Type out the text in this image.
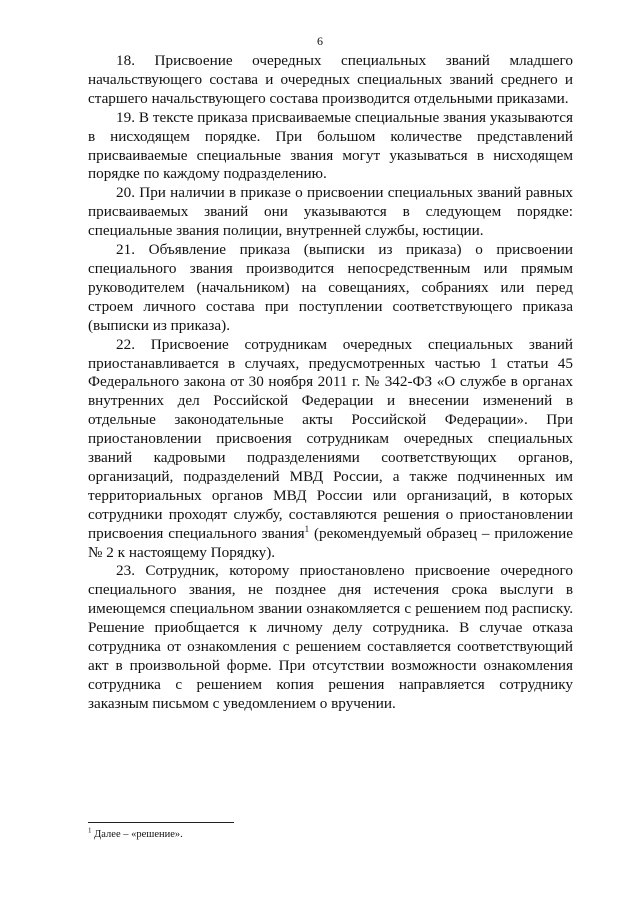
6

18. Присвоение очередных специальных званий младшего начальствующего состава и очередных специальных званий среднего и старшего начальствующего состава производится отдельными приказами.

19. В тексте приказа присваиваемые специальные звания указываются в нисходящем порядке. При большом количестве представлений присваиваемые специальные звания могут указываться в нисходящем порядке по каждому подразделению.

20. При наличии в приказе о присвоении специальных званий равных присваиваемых званий они указываются в следующем порядке: специальные звания полиции, внутренней службы, юстиции.

21. Объявление приказа (выписки из приказа) о присвоении специального звания производится непосредственным или прямым руководителем (начальником) на совещаниях, собраниях или перед строем личного состава при поступлении соответствующего приказа (выписки из приказа).

22. Присвоение сотрудникам очередных специальных званий приостанавливается в случаях, предусмотренных частью 1 статьи 45 Федерального закона от 30 ноября 2011 г. № 342-ФЗ «О службе в органах внутренних дел Российской Федерации и внесении изменений в отдельные законодательные акты Российской Федерации». При приостановлении присвоения сотрудникам очередных специальных званий кадровыми подразделениями соответствующих органов, организаций, подразделений МВД России, а также подчиненных им территориальных органов МВД России или организаций, в которых сотрудники проходят службу, составляются решения о приостановлении присвоения специального звания$^1$ (рекомендуемый образец – приложение № 2 к настоящему Порядку).

23. Сотрудник, которому приостановлено присвоение очередного специального звания, не позднее дня истечения срока выслуги в имеющемся специальном звании ознакомляется с решением под расписку. Решение приобщается к личному делу сотрудника. В случае отказа сотрудника от ознакомления с решением составляется соответствующий акт в произвольной форме. При отсутствии возможности ознакомления сотрудника с решением копия решения направляется сотруднику заказным письмом с уведомлением о вручении.

$^1$ Далее – «решение».
